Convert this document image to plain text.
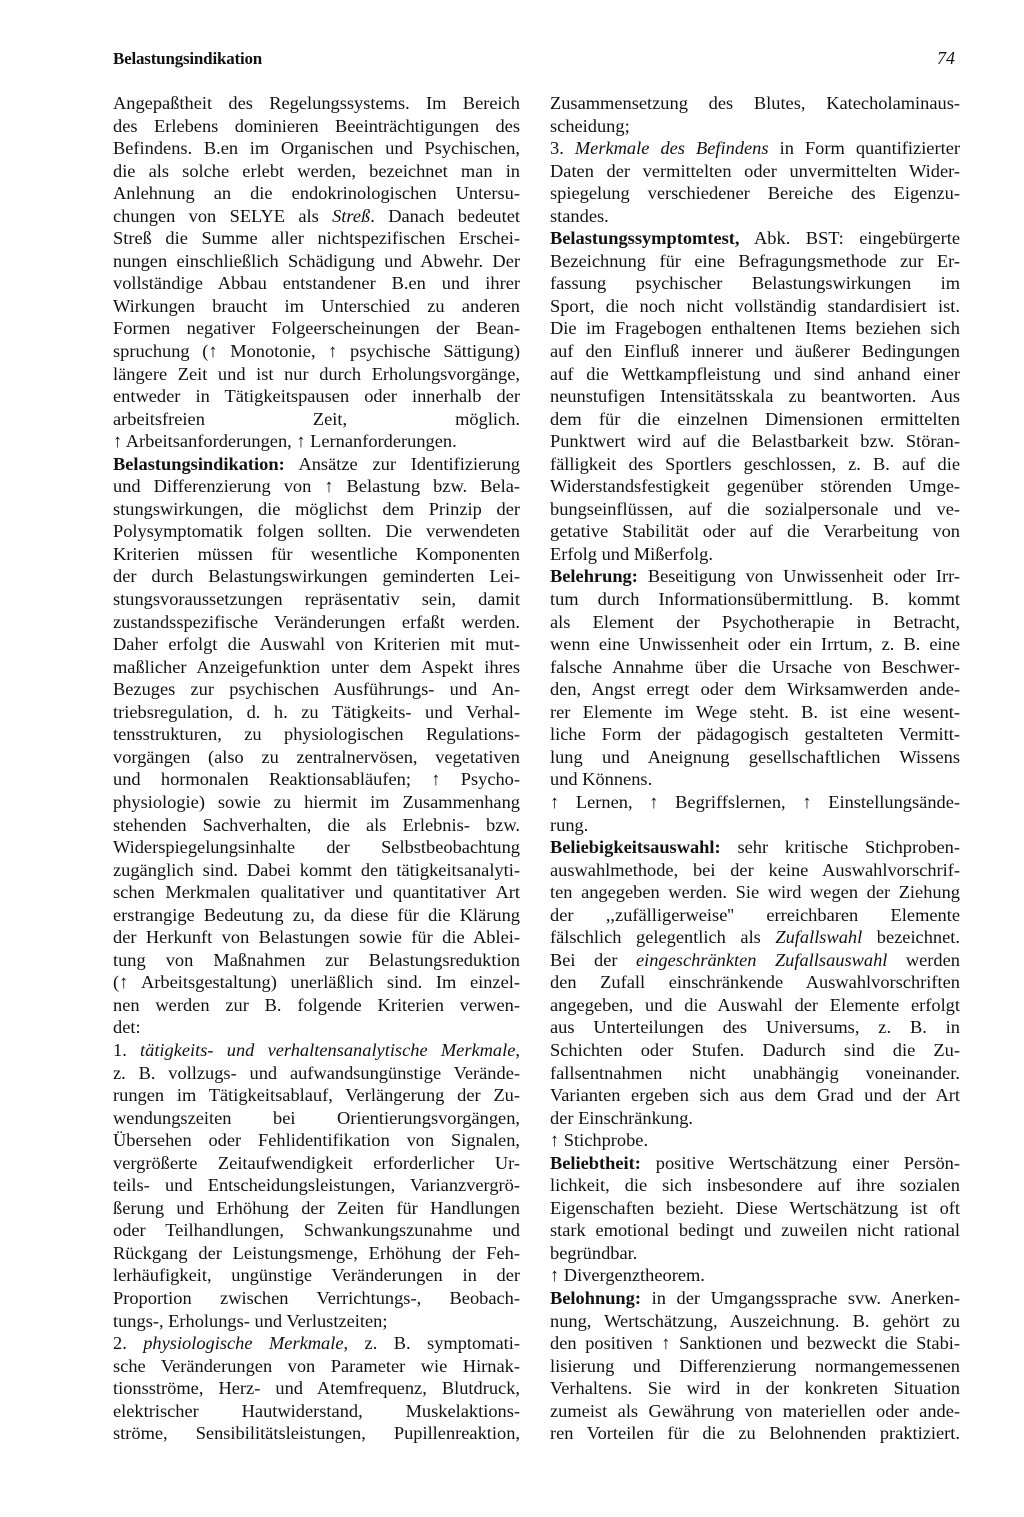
Belastungsindikation	74
Angepaßtheit des Regelungssystems. Im Bereich
des Erlebens dominieren Beeinträchtigungen des
Befindens. B.en im Organischen und Psychischen,
die als solche erlebt werden, bezeichnet man in
Anlehnung an die endokrinologischen Untersu-
chungen von SELYE als Streß. Danach bedeutet
Streß die Summe aller nichtspezifischen Erschei-
nungen einschließlich Schädigung und Abwehr. Der
vollständige Abbau entstandener B.en und ihrer
Wirkungen braucht im Unterschied zu anderen
Formen negativer Folgeerscheinungen der Bean-
spruchung (↑ Monotonie, ↑ psychische Sättigung)
längere Zeit und ist nur durch Erholungsvorgänge,
entweder in Tätigkeitspausen oder innerhalb der
arbeitsfreien Zeit, möglich.
↑ Arbeitsanforderungen, ↑ Lernanforderungen.
Belastungsindikation: Ansätze zur Identifizierung
und Differenzierung von ↑ Belastung bzw. Bela-
stungswirkungen, die möglichst dem Prinzip der
Polysymptomatik folgen sollten. Die verwendeten
Kriterien müssen für wesentliche Komponenten
der durch Belastungswirkungen geminderten Lei-
stungsvoraussetzungen repräsentativ sein, damit
zustandsspezifische Veränderungen erfaßt werden.
Daher erfolgt die Auswahl von Kriterien mit mut-
maßlicher Anzeigefunktion unter dem Aspekt ihres
Bezuges zur psychischen Ausführungs- und An-
triebsregulation, d. h. zu Tätigkeits- und Verhal-
tensstrukturen, zu physiologischen Regulations-
vorgängen (also zu zentralnervösen, vegetativen
und hormonalen Reaktionsabläufen; ↑ Psycho-
physiologie) sowie zu hiermit im Zusammenhang
stehenden Sachverhalten, die als Erlebnis- bzw.
Widerspiegelungsinhalte der Selbstbeobachtung
zugänglich sind. Dabei kommt den tätigkeitsanalyti-
schen Merkmalen qualitativer und quantitativer Art
erstrangige Bedeutung zu, da diese für die Klärung
der Herkunft von Belastungen sowie für die Ablei-
tung von Maßnahmen zur Belastungsreduktion
(↑ Arbeitsgestaltung) unerläßlich sind. Im einzel-
nen werden zur B. folgende Kriterien verwen-
det:
1. tätigkeits- und verhaltensanalytische Merkmale,
z. B. vollzugs- und aufwandsungünstige Verände-
rungen im Tätigkeitsablauf, Verlängerung der Zu-
wendungszeiten bei Orientierungsvorgängen,
Übersehen oder Fehlidentifikation von Signalen,
vergrößerte Zeitaufwendigkeit erforderlicher Ur-
teils- und Entscheidungsleistungen, Varianzvergrö-
ßerung und Erhöhung der Zeiten für Handlungen
oder Teilhandlungen, Schwankungszunahme und
Rückgang der Leistungsmenge, Erhöhung der Feh-
lerhäufigkeit, ungünstige Veränderungen in der
Proportion zwischen Verrichtungs-, Beobach-
tungs-, Erholungs- und Verlustzeiten;
2. physiologische Merkmale, z. B. symptomati-
sche Veränderungen von Parameter wie Hirnak-
tionsströme, Herz- und Atemfrequenz, Blutdruck,
elektrischer Hautwiderstand, Muskelaktions-
ströme, Sensibilitätsleistungen, Pupillenreaktion,
Zusammensetzung des Blutes, Katecholaminaus-
scheidung;
3. Merkmale des Befindens in Form quantifizierter
Daten der vermittelten oder unvermittelten Wider-
spiegelung verschiedener Bereiche des Eigenzu-
standes.
Belastungssymptomtest, Abk. BST: eingebürgerte
Bezeichnung für eine Befragungsmethode zur Er-
fassung psychischer Belastungswirkungen im
Sport, die noch nicht vollständig standardisiert ist.
Die im Fragebogen enthaltenen Items beziehen sich
auf den Einfluß innerer und äußerer Bedingungen
auf die Wettkampfleistung und sind anhand einer
neunstufigen Intensitätsskala zu beantworten. Aus
dem für die einzelnen Dimensionen ermittelten
Punktwert wird auf die Belastbarkeit bzw. Störan-
fälligkeit des Sportlers geschlossen, z. B. auf die
Widerstandsfestigkeit gegenüber störenden Umge-
bungseinflüssen, auf die sozialpersonale und ve-
getative Stabilität oder auf die Verarbeitung von
Erfolg und Mißerfolg.
Belehrung: Beseitigung von Unwissenheit oder Irr-
tum durch Informationsübermittlung. B. kommt
als Element der Psychotherapie in Betracht,
wenn eine Unwissenheit oder ein Irrtum, z. B. eine
falsche Annahme über die Ursache von Beschwer-
den, Angst erregt oder dem Wirksamwerden ande-
rer Elemente im Wege steht. B. ist eine wesent-
liche Form der pädagogisch gestalteten Vermitt-
lung und Aneignung gesellschaftlichen Wissens
und Könnens.
↑ Lernen, ↑ Begriffslernen, ↑ Einstellungsände-
rung.
Beliebigkeitsauswahl: sehr kritische Stichproben-
auswahlmethode, bei der keine Auswahlvorschrif-
ten angegeben werden. Sie wird wegen der Ziehung
der ,,zufälligerweise'' erreichbaren Elemente
fälschlich gelegentlich als Zufallswahl bezeichnet.
Bei der eingeschränkten Zufallsauswahl werden
den Zufall einschränkende Auswahlvorschriften
angegeben, und die Auswahl der Elemente erfolgt
aus Unterteilungen des Universums, z. B. in
Schichten oder Stufen. Dadurch sind die Zu-
fallsentnahmen nicht unabhängig voneinander.
Varianten ergeben sich aus dem Grad und der Art
der Einschränkung.
↑ Stichprobe.
Beliebtheit: positive Wertschätzung einer Persön-
lichkeit, die sich insbesondere auf ihre sozialen
Eigenschaften bezieht. Diese Wertschätzung ist oft
stark emotional bedingt und zuweilen nicht rational
begründbar.
↑ Divergenztheorem.
Belohnung: in der Umgangssprache svw. Anerken-
nung, Wertschätzung, Auszeichnung. B. gehört zu
den positiven ↑ Sanktionen und bezweckt die Stabi-
lisierung und Differenzierung normangemessenen
Verhaltens. Sie wird in der konkreten Situation
zumeist als Gewährung von materiellen oder ande-
ren Vorteilen für die zu Belohnenden praktiziert.
